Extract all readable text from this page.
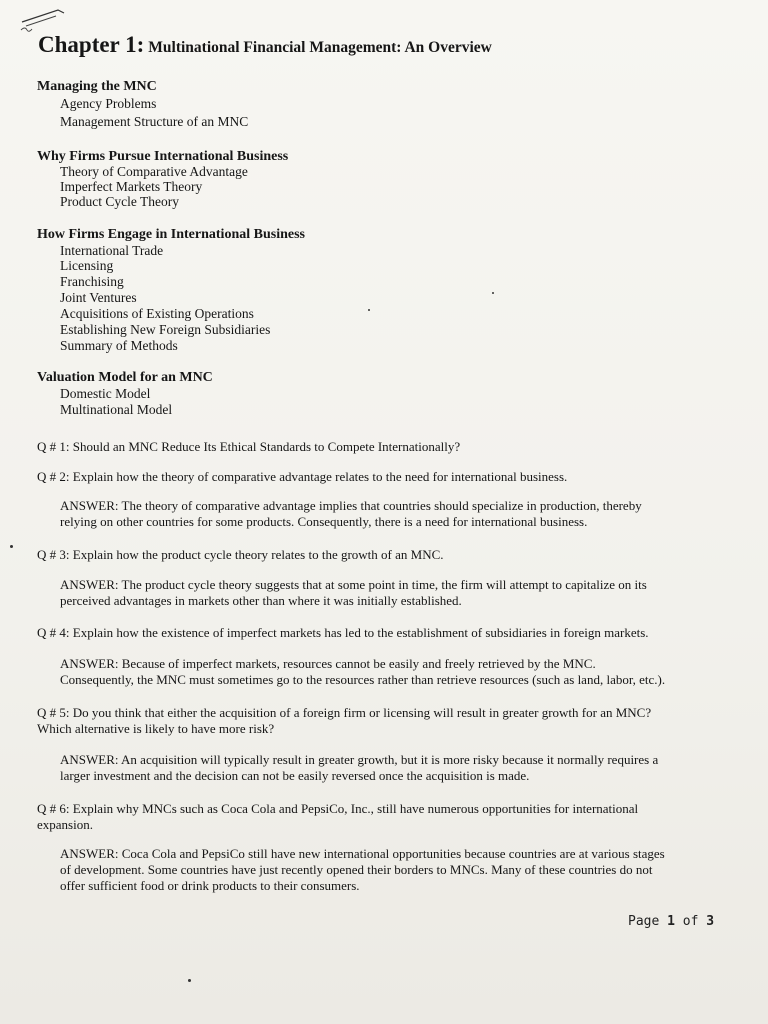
Chapter 1: Multinational Financial Management: An Overview
Managing the MNC
Agency Problems
Management Structure of an MNC
Why Firms Pursue International Business
Theory of Comparative Advantage
Imperfect Markets Theory
Product Cycle Theory
How Firms Engage in International Business
International Trade
Licensing
Franchising
Joint Ventures
Acquisitions of Existing Operations
Establishing New Foreign Subsidiaries
Summary of Methods
Valuation Model for an MNC
Domestic Model
Multinational Model
Q # 1: Should an MNC Reduce Its Ethical Standards to Compete Internationally?
Q # 2: Explain how the theory of comparative advantage relates to the need for international business.
ANSWER: The theory of comparative advantage implies that countries should specialize in production, thereby
relying on other countries for some products. Consequently, there is a need for international business.
Q # 3: Explain how the product cycle theory relates to the growth of an MNC.
ANSWER: The product cycle theory suggests that at some point in time, the firm will attempt to capitalize on its
perceived advantages in markets other than where it was initially established.
Q # 4: Explain how the existence of imperfect markets has led to the establishment of subsidiaries in foreign markets.
ANSWER: Because of imperfect markets, resources cannot be easily and freely retrieved by the MNC.
Consequently, the MNC must sometimes go to the resources rather than retrieve resources (such as land, labor, etc.).
Q # 5: Do you think that either the acquisition of a foreign firm or licensing will result in greater growth for an MNC?
Which alternative is likely to have more risk?
ANSWER: An acquisition will typically result in greater growth, but it is more risky because it normally requires a
larger investment and the decision can not be easily reversed once the acquisition is made.
Q # 6: Explain why MNCs such as Coca Cola and PepsiCo, Inc., still have numerous opportunities for international
expansion.
ANSWER: Coca Cola and PepsiCo still have new international opportunities because countries are at various stages
of development. Some countries have just recently opened their borders to MNCs. Many of these countries do not
offer sufficient food or drink products to their consumers.
Page 1 of 3
